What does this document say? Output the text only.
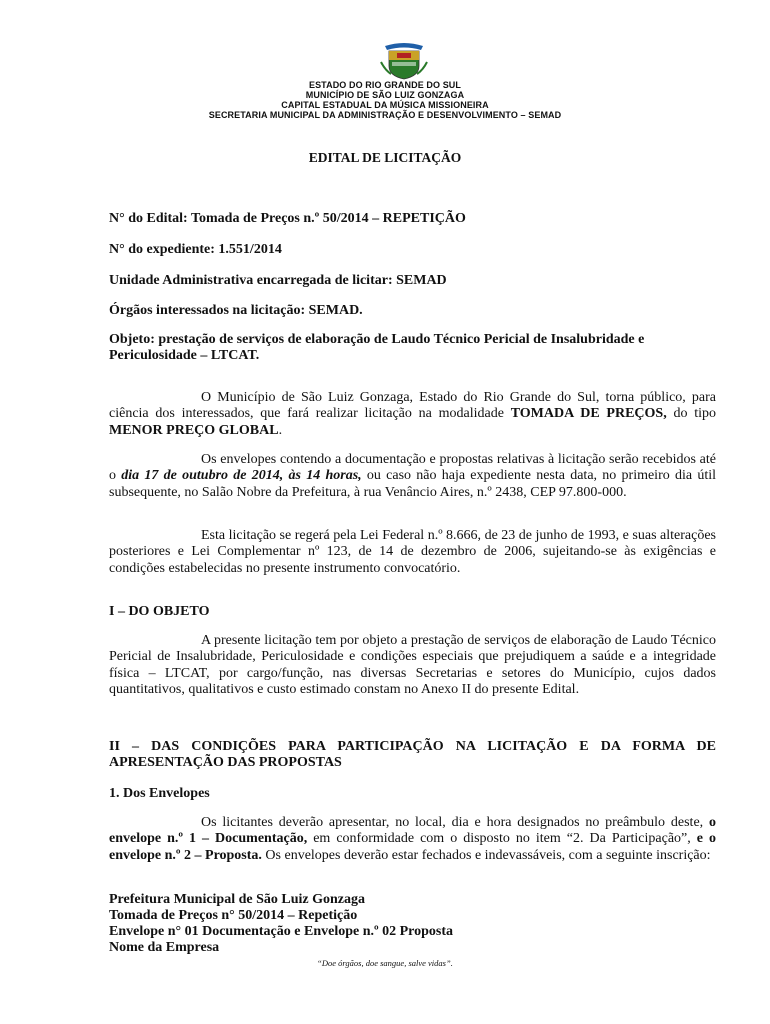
ESTADO DO RIO GRANDE DO SUL
MUNICÍPIO DE SÃO LUIZ GONZAGA
CAPITAL ESTADUAL DA MÚSICA MISSIONEIRA
SECRETARIA MUNICIPAL DA ADMINISTRAÇÃO E DESENVOLVIMENTO – SEMAD
EDITAL DE LICITAÇÃO
N° do Edital: Tomada de Preços n.º 50/2014 – REPETIÇÃO
N° do expediente: 1.551/2014
Unidade Administrativa encarregada de licitar: SEMAD
Órgãos interessados na licitação: SEMAD.
Objeto: prestação de serviços de elaboração de Laudo Técnico Pericial de Insalubridade e
Periculosidade – LTCAT.

O Município de São Luiz Gonzaga, Estado do Rio Grande do Sul, torna público, para ciência dos interessados, que fará realizar licitação na modalidade TOMADA DE PREÇOS, do tipo MENOR PREÇO GLOBAL.

Os envelopes contendo a documentação e propostas relativas à licitação serão recebidos até o dia 17 de outubro de 2014, às 14 horas, ou caso não haja expediente nesta data, no primeiro dia útil subsequente, no Salão Nobre da Prefeitura, à rua Venâncio Aires, n.º 2438, CEP 97.800-000.

Esta licitação se regerá pela Lei Federal n.º 8.666, de 23 de junho de 1993, e suas alterações posteriores e Lei Complementar nº 123, de 14 de dezembro de 2006, sujeitando-se às exigências e condições estabelecidas no presente instrumento convocatório.

I – DO OBJETO

A presente licitação tem por objeto a prestação de serviços de elaboração de Laudo Técnico Pericial de Insalubridade, Periculosidade e condições especiais que prejudiquem a saúde e a integridade física – LTCAT, por cargo/função, nas diversas Secretarias e setores do Município, cujos dados quantitativos, qualitativos e custo estimado constam no Anexo II do presente Edital.

II – DAS CONDIÇÕES PARA PARTICIPAÇÃO NA LICITAÇÃO E DA FORMA DE APRESENTAÇÃO DAS PROPOSTAS
1. Dos Envelopes

Os licitantes deverão apresentar, no local, dia e hora designados no preâmbulo deste, o envelope n.º 1 – Documentação, em conformidade com o disposto no item “2. Da Participação”, e o envelope n.º 2 – Proposta. Os envelopes deverão estar fechados e indevassáveis, com a seguinte inscrição:

Prefeitura Municipal de São Luiz Gonzaga
Tomada de Preços n° 50/2014 – Repetição
Envelope n° 01 Documentação e Envelope n.º 02 Proposta
Nome da Empresa
“Doe órgãos, doe sangue, salve vidas”.
